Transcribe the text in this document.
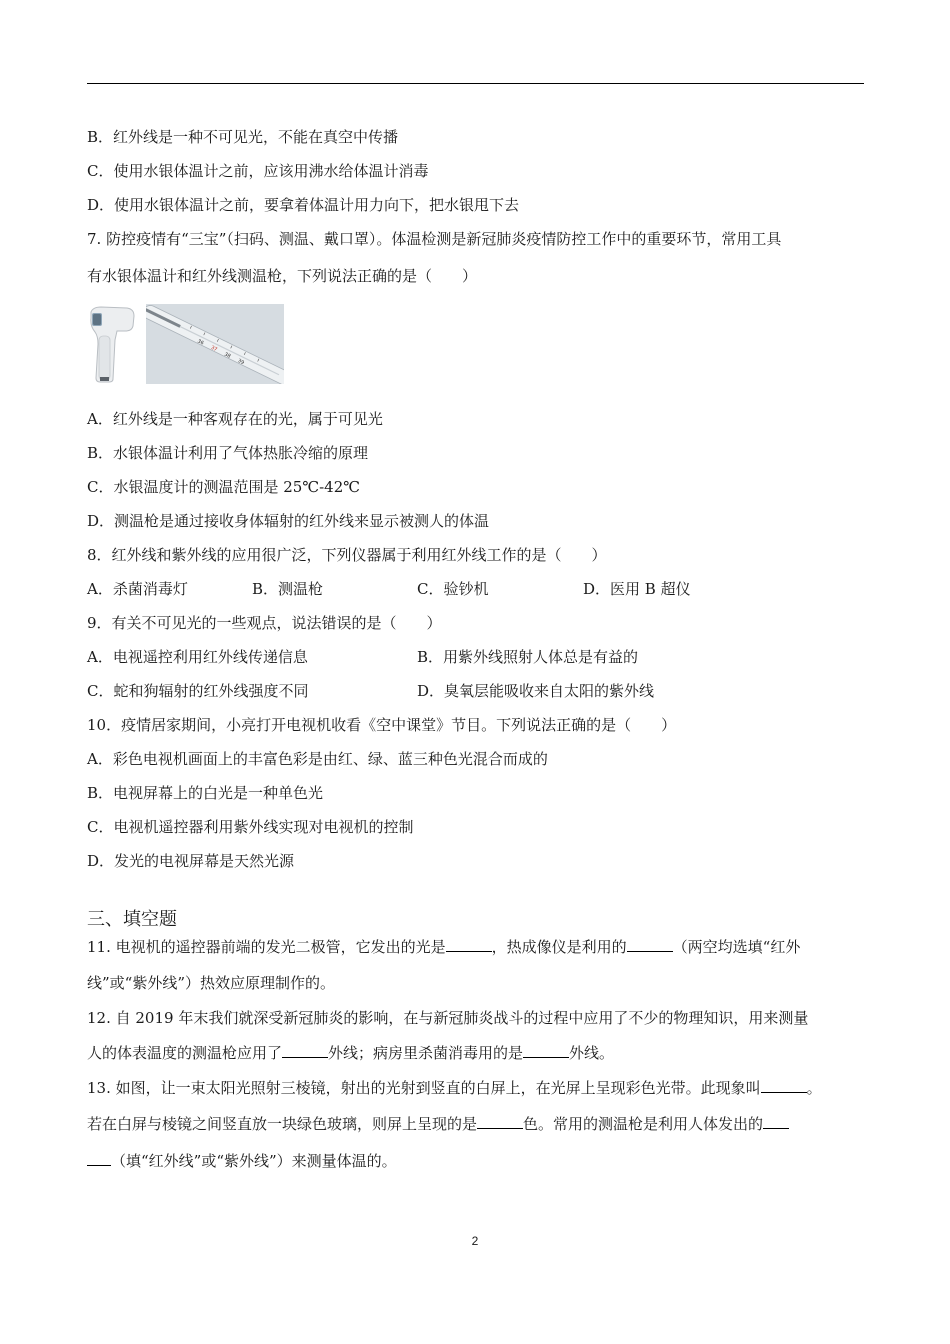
B．红外线是一种不可见光，不能在真空中传播
C．使用水银体温计之前，应该用沸水给体温计消毒
D．使用水银体温计之前，要拿着体温计用力向下，把水银甩下去
7. 防控疫情有“三宝”（扫码、测温、戴口罩）。体温检测是新冠肺炎疫情防控工作中的重要环节，常用工具
有水银体温计和红外线测温枪，下列说法正确的是（　　）
36
37
38
39
A．红外线是一种客观存在的光，属于可见光
B．水银体温计利用了气体热胀冷缩的原理
C．水银温度计的测温范围是 25℃-42℃
D．测温枪是通过接收身体辐射的红外线来显示被测人的体温
8．红外线和紫外线的应用很广泛，下列仪器属于利用红外线工作的是（　　）
A．杀菌消毒灯	B．测温枪	C．验钞机	D．医用 B 超仪
9．有关不可见光的一些观点，说法错误的是（　　）
A．电视遥控利用红外线传递信息	B．用紫外线照射人体总是有益的
C．蛇和狗辐射的红外线强度不同	D．臭氧层能吸收来自太阳的紫外线
10．疫情居家期间，小亮打开电视机收看《空中课堂》节目。下列说法正确的是（　　）
A．彩色电视机画面上的丰富色彩是由红、绿、蓝三种色光混合而成的
B．电视屏幕上的白光是一种单色光
C．电视机遥控器利用紫外线实现对电视机的控制
D．发光的电视屏幕是天然光源
三、填空题
11. 电视机的遥控器前端的发光二极管，它发出的光是	，热成像仪是利用的	（两空均选填“红外
线”或“紫外线”）热效应原理制作的。
12. 自 2019 年末我们就深受新冠肺炎的影响，在与新冠肺炎战斗的过程中应用了不少的物理知识，用来测量
人的体表温度的测温枪应用了	外线；病房里杀菌消毒用的是	外线。
13. 如图，让一束太阳光照射三棱镜，射出的光射到竖直的白屏上，在光屏上呈现彩色光带。此现象叫	。
若在白屏与棱镜之间竖直放一块绿色玻璃，则屏上呈现的是	色。常用的测温枪是利用人体发出的
（填“红外线”或“紫外线”）来测量体温的。
2
